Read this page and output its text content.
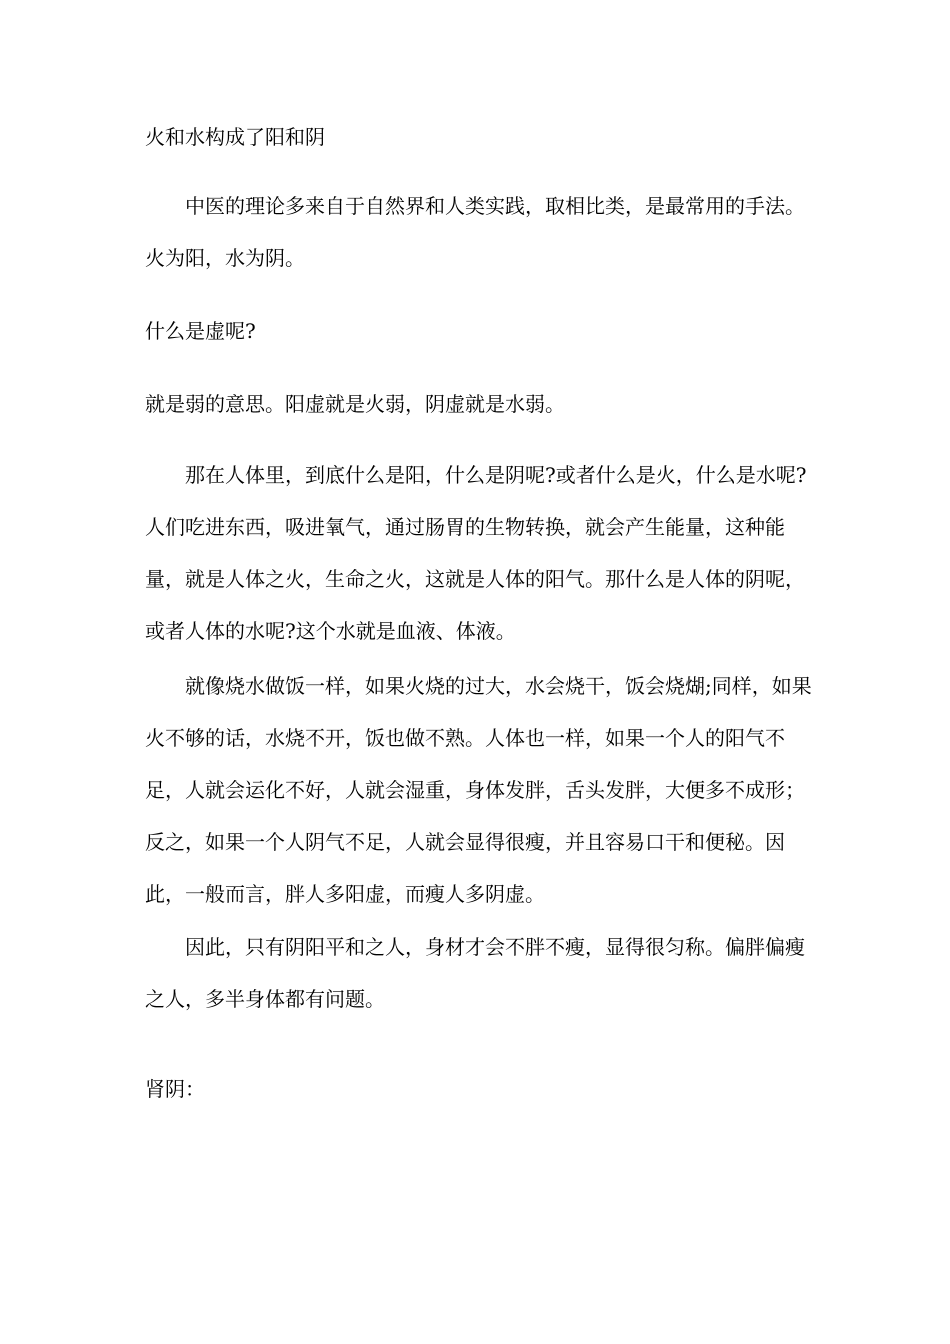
火和水构成了阳和阴

中医的理论多来自于自然界和人类实践，取相比类，是最常用的手法。火为阳，水为阴。

什么是虚呢?

就是弱的意思。阳虚就是火弱，阴虚就是水弱。

那在人体里，到底什么是阳，什么是阴呢?或者什么是火，什么是水呢?人们吃进东西，吸进氧气，通过肠胃的生物转换，就会产生能量，这种能量，就是人体之火，生命之火，这就是人体的阳气。那什么是人体的阴呢，或者人体的水呢?这个水就是血液、体液。

就像烧水做饭一样，如果火烧的过大，水会烧干，饭会烧煳;同样，如果火不够的话，水烧不开，饭也做不熟。人体也一样，如果一个人的阳气不足，人就会运化不好，人就会湿重，身体发胖，舌头发胖，大便多不成形；反之，如果一个人阴气不足，人就会显得很瘦，并且容易口干和便秘。因此，一般而言，胖人多阳虚，而瘦人多阴虚。

因此，只有阴阳平和之人，身材才会不胖不瘦，显得很匀称。偏胖偏瘦之人，多半身体都有问题。

肾阴：
